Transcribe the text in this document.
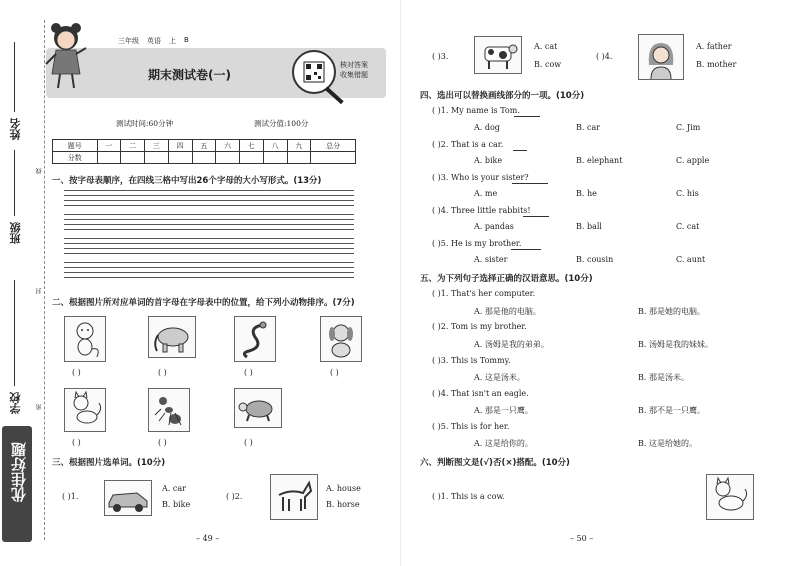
姓名
班级
学校
线
封
密
优佳好题
三年级 英语 上 B
期末测试卷(一)
核对答案
收集错题
测试时间:60分钟	测试分值:100分
题号	一	二	三	四	五	六	七	八	九	总分
分数										
一、按字母表顺序，在四线三格中写出26个字母的大小写形式。(13分)
二、根据图片所对应单词的首字母在字母表中的位置，给下列小动物排序。(7分)
( )	( )	( )	( )
( )	( )	( )
三、根据图片选单词。(10分)
( )1.
A. car
B. bike
( )2.
A. house
B. horse
– 49 –
( )3.
A. cat
B. cow
( )4.
A. father
B. mother
四、选出可以替换画线部分的一项。(10分)
( )1. My name is Tom.
A. dog	B. car	C. Jim
( )2. That is a car.
A. bike	B. elephant	C. apple
( )3. Who is your sister?
A. me	B. he	C. his
( )4. Three little rabbits!
A. pandas	B. ball	C. cat
( )5. He is my brother.
A. sister	B. cousin	C. aunt
五、为下列句子选择正确的汉语意思。(10分)
( )1. That's her computer.
A. 那是他的电脑。	B. 那是她的电脑。
( )2. Tom is my brother.
A. 汤姆是我的弟弟。	B. 汤姆是我的妹妹。
( )3. This is Tommy.
A. 这是汤米。	B. 那是汤米。
( )4. That isn't an eagle.
A. 那是一只鹰。	B. 那不是一只鹰。
( )5. This is for her.
A. 这是给你的。	B. 这是给她的。
六、判断图文是(√)否(×)搭配。(10分)
( )1. This is a cow.
– 50 –
